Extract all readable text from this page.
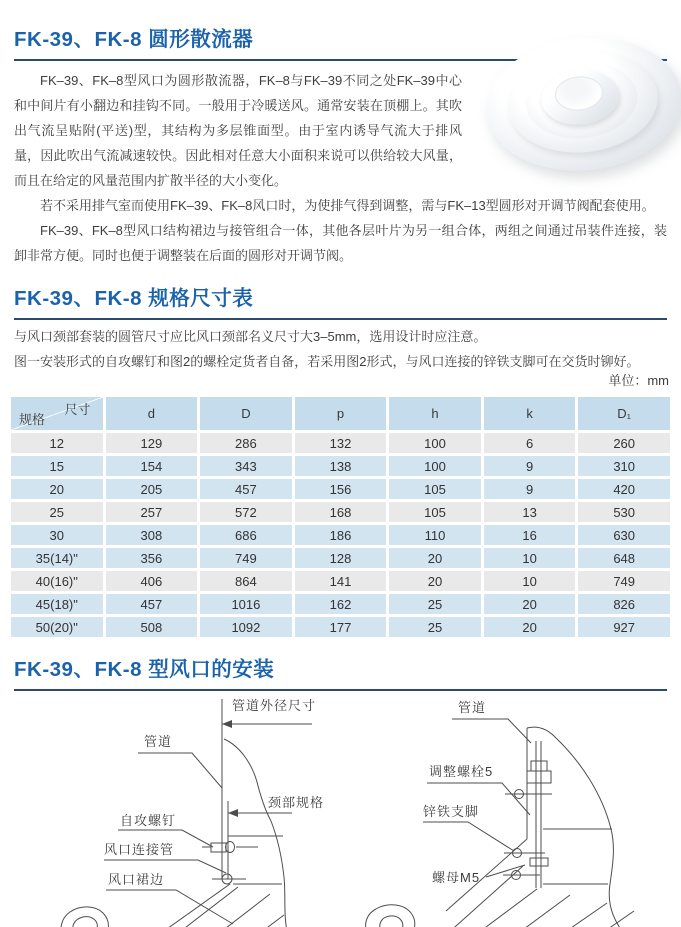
FK-39、FK-8 圆形散流器

FK–39、FK–8型风口为圆形散流器，FK–8与FK–39不同之处FK–39中心和中间片有小翻边和挂钩不同。一般用于冷暖送风。通常安装在顶棚上。其吹出气流呈贴附(平送)型，其结构为多层锥面型。由于室内诱导气流大于排风量，因此吹出气流减速较快。因此相对任意大小面积来说可以供给较大风量，而且在给定的风量范围内扩散半径的大小变化。

若不采用排气室而使用FK–39、FK–8风口时，为使排气得到调整，需与FK–13型圆形对开调节阀配套使用。

FK–39、FK–8型风口结构裙边与接管组合一体，其他各层叶片为另一组合体，两组之间通过吊装件连接，装卸非常方便。同时也便于调整装在后面的圆形对开调节阀。

FK-39、FK-8 规格尺寸表

与风口颈部套装的圆管尺寸应比风口颈部名义尺寸大3–5mm，选用设计时应注意。

图一安装形式的自攻螺钉和图2的螺栓定货者自备，若采用图2形式，与风口连接的锌铁支脚可在交货时铆好。

单位：mm
尺寸
规格	d	D	p	h	k	D₁
12	129	286	132	100	6	260
15	154	343	138	100	9	310
20	205	457	156	105	9	420
25	257	572	168	105	13	530
30	308	686	186	110	16	630
35(14)"	356	749	128	20	10	648
40(16)"	406	864	141	20	10	749
45(18)"	457	1016	162	25	20	826
50(20)"	508	1092	177	25	20	927
FK-39、FK-8 型风口的安装
管道外径尺寸
管道
颈部规格
自攻螺钉
风口连接管
风口裙边
管道
调整螺栓5
锌铁支脚
螺母M5
